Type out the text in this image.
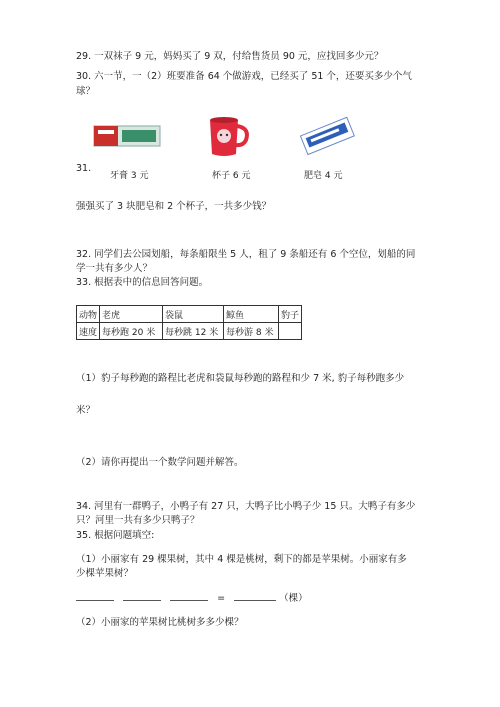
29. 一双袜子 9 元，妈妈买了 9 双，付给售货员 90 元，应找回多少元？
30. 六一节，一（2）班要准备 64 个做游戏，已经买了 51 个，还要买多少个气
球？
31.
牙膏 3 元	杯子 6 元	肥皂 4 元
强强买了 3 块肥皂和 2 个杯子，一共多少钱？
32. 同学们去公园划船，每条船限坐 5 人，租了 9 条船还有 6 个空位，划船的同
学一共有多少人？
33. 根据表中的信息回答问题。
动物	老虎	袋鼠	鲸鱼	豹子
速度	每秒跑 20 米	每秒跳 12 米	每秒游 8 米	
（1）豹子每秒跑的路程比老虎和袋鼠每秒跑的路程和少 7 米, 豹子每秒跑多少
米？
（2）请你再提出一个数学问题并解答。
34. 河里有一群鸭子，小鸭子有 27 只，大鸭子比小鸭子少 15 只。大鸭子有多少
只？河里一共有多少只鸭子？
35. 根据问题填空:
（1）小丽家有 29 棵果树，其中 4 棵是桃树，剩下的都是苹果树。小丽家有多
少棵苹果树？
=	（棵）
（2）小丽家的苹果树比桃树多多少棵？
